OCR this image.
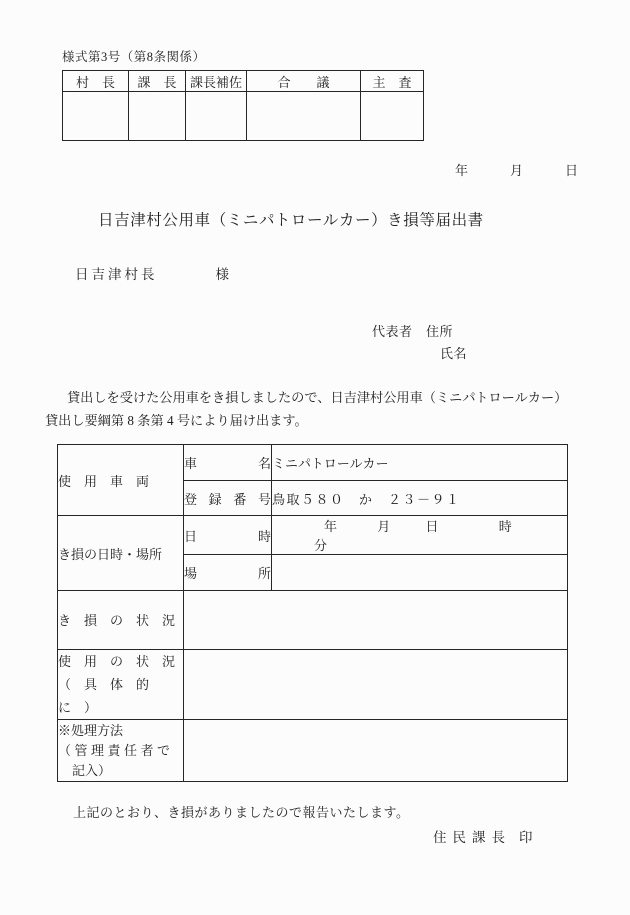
様式第3号（第8条関係）
村　長	課　長	課長補佐	合　　議	主　査

年	月	日
日吉津村公用車（ミニパトロールカー）き損等届出書
日吉津村長	様
代表者　住所
氏名
貸出しを受けた公用車をき損しましたので、日吉津村公用車（ミニパトロールカー）
貸出し要綱第 8 条第 4 号により届け出ます。
使　用　車　両	車　名	ミニパトロールカー
	登録番号	鳥取５８０　か　２３－９１
き損の日時・場所	日　時	年 月 日 時 分
	場　所	
き　損　の　状　況		

使　用　の　状　況
（　具　体　的　に　）		

※処理方法
（管理責任者で
記入）		

上記のとおり、き損がありましたので報告いたします。
住民課長 印
